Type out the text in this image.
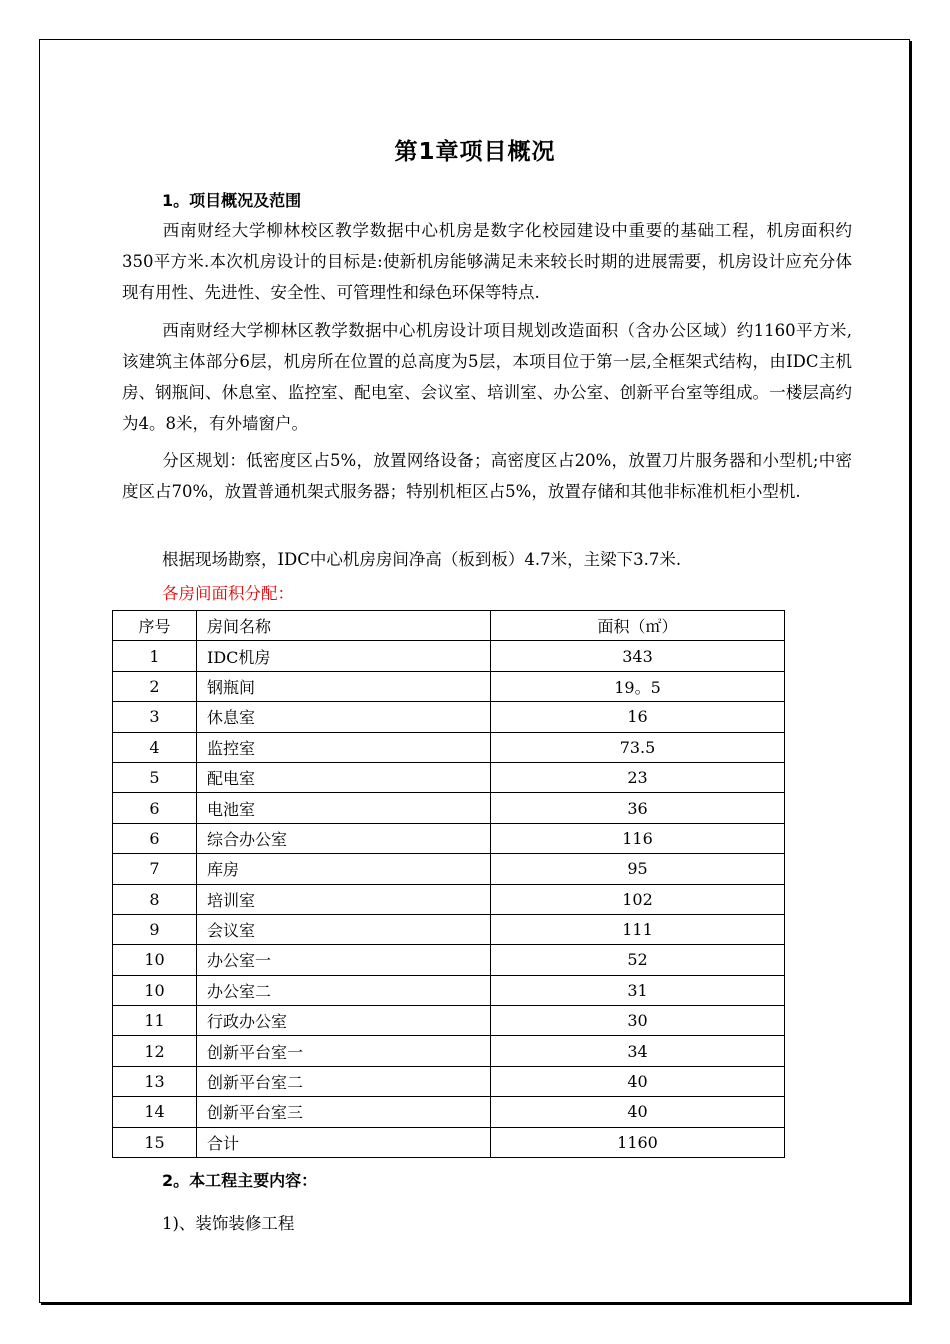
第1章项目概况
1。项目概况及范围
西南财经大学柳林校区教学数据中心机房是数字化校园建设中重要的基础工程，机房面积约350平方米.本次机房设计的目标是:使新机房能够满足未来较长时期的进展需要，机房设计应充分体现有用性、先进性、安全性、可管理性和绿色环保等特点.
西南财经大学柳林区教学数据中心机房设计项目规划改造面积（含办公区域）约1160平方米,该建筑主体部分6层，机房所在位置的总高度为5层，本项目位于第一层,全框架式结构，由IDC主机房、钢瓶间、休息室、监控室、配电室、会议室、培训室、办公室、创新平台室等组成。一楼层高约为4。8米，有外墙窗户。
分区规划：低密度区占5%，放置网络设备；高密度区占20%，放置刀片服务器和小型机;中密度区占70%，放置普通机架式服务器；特别机柜区占5%，放置存储和其他非标准机柜小型机.
根据现场勘察，IDC中心机房房间净高（板到板）4.7米，主梁下3.7米.
各房间面积分配：
序号	房间名称	面积（㎡）
1	IDC机房	343
2	钢瓶间	19。5
3	休息室	16
4	监控室	73.5
5	配电室	23
6	电池室	36
6	综合办公室	116
7	库房	95
8	培训室	102
9	会议室	111
10	办公室一	52
10	办公室二	31
11	行政办公室	30
12	创新平台室一	34
13	创新平台室二	40
14	创新平台室三	40
15	合计	1160
2。本工程主要内容：
1)、装饰装修工程
